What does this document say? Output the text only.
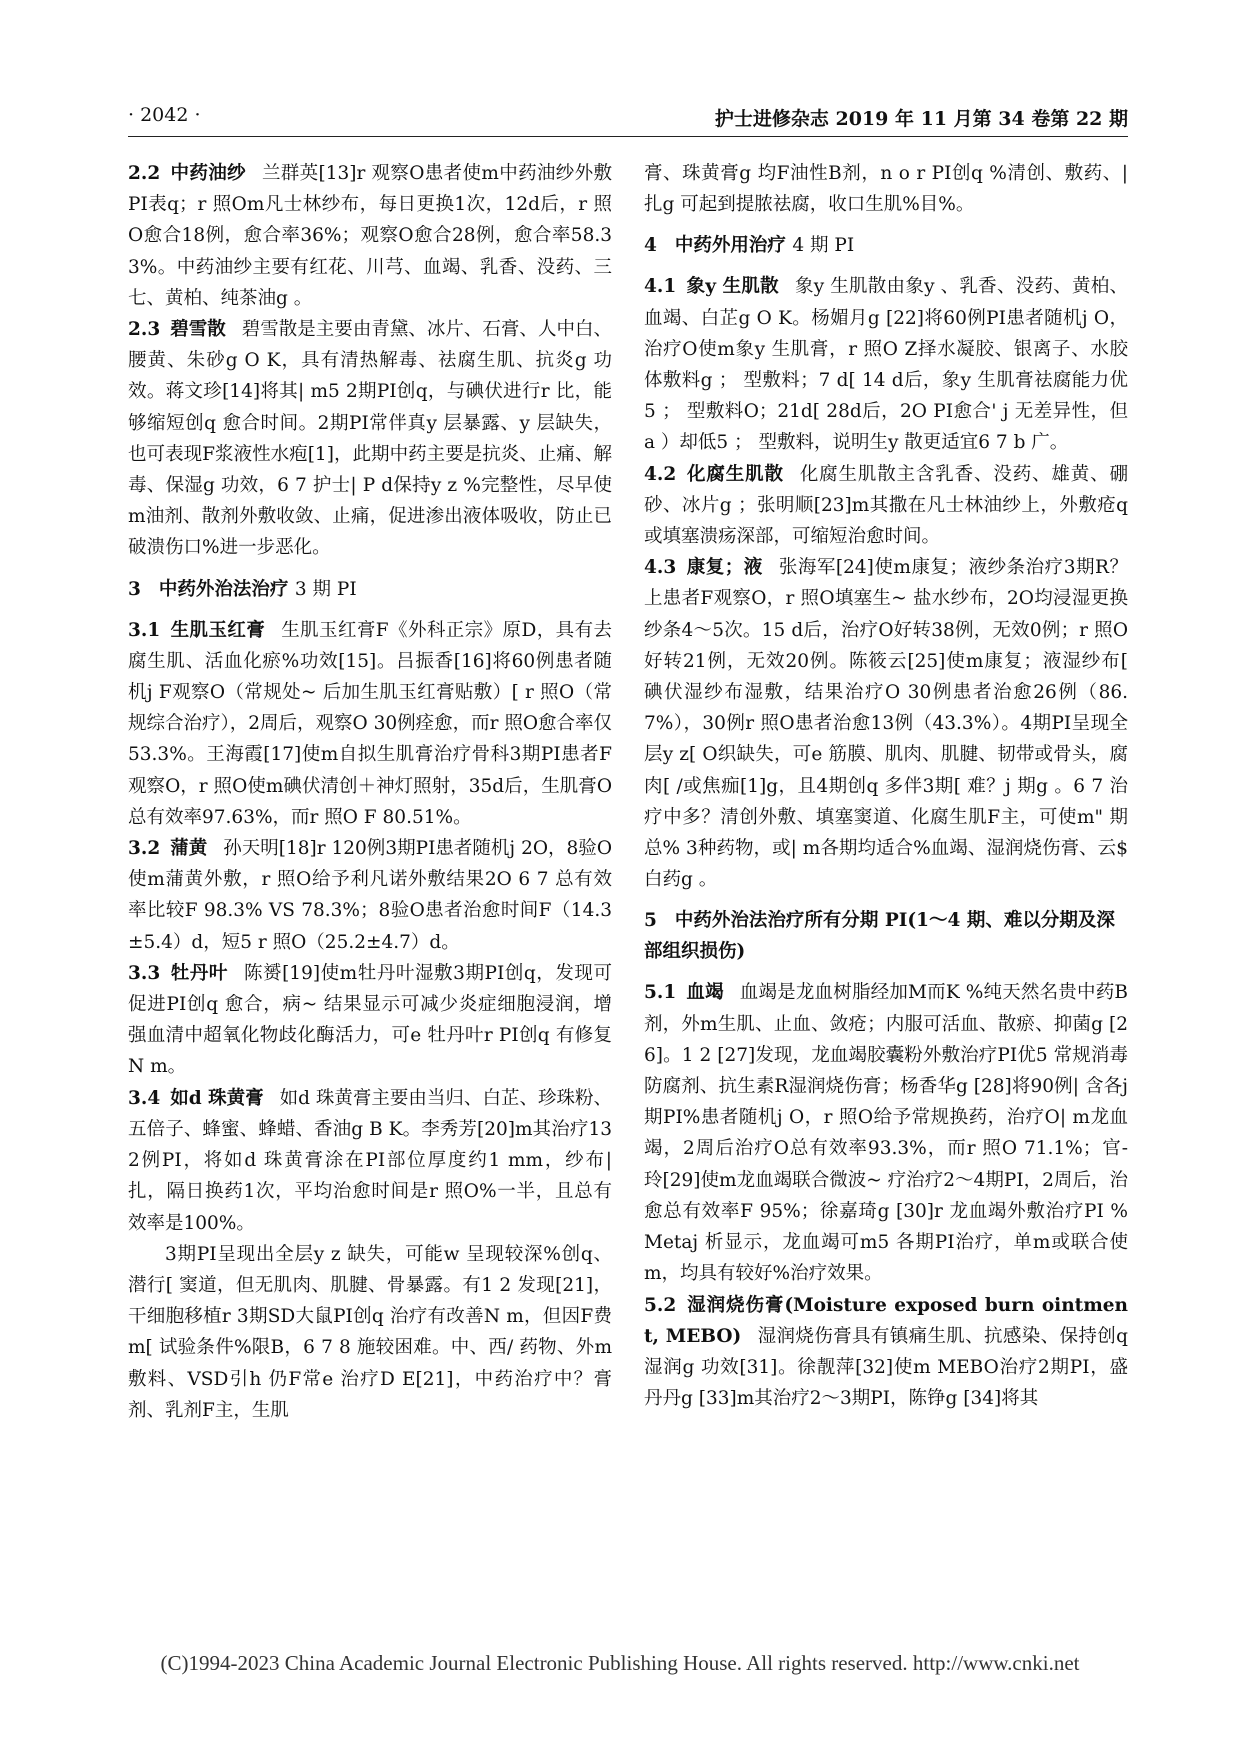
· 2042 ·	护士进修杂志 2019 年 11 月第 34 卷第 22 期

2.2 中药油纱 兰群英[13]r 观察O患者使m中药油纱外敷PI表q；r 照Om凡士林纱布，每日更换1次，12d后，r 照O愈合18例，愈合率36%；观察O愈合28例，愈合率58.33%。中药油纱主要有红花、川芎、血竭、乳香、没药、三七、黄柏、纯茶油g 。

2.3 碧雪散 碧雪散是主要由青黛、冰片、石膏、人中白、腰黄、朱砂g O K，具有清热解毒、祛腐生肌、抗炎g 功效。蒋文珍[14]将其| m5 2期PI创q，与碘伏进行r 比，能够缩短创q 愈合时间。2期PI常伴真y 层暴露、y 层缺失，也可表现F浆液性水疱[1]，此期中药主要是抗炎、止痛、解毒、保湿g 功效，6 7 护士| P d保持y z %完整性，尽早使m油剂、散剂外敷收敛、止痛，促进渗出液体吸收，防止已破溃伤口%进一步恶化。

3 中药外治法治疗 3 期 PI

3.1 生肌玉红膏 生肌玉红膏F《外科正宗》原D，具有去腐生肌、活血化瘀%功效[15]。吕振香[16]将60例患者随机j F观察O（常规处~ 后加生肌玉红膏贴敷）[ r 照O（常规综合治疗），2周后，观察O 30例痊愈，而r 照O愈合率仅53.3%。王海霞[17]使m自拟生肌膏治疗骨科3期PI患者F观察O，r 照O使m碘伏清创＋神灯照射，35d后，生肌膏O总有效率97.63%，而r 照O F 80.51%。

3.2 蒲黄 孙天明[18]r 120例3期PI患者随机j 2O，8验O使m蒲黄外敷，r 照O给予利凡诺外敷结果2O 6 7 总有效率比较F 98.3% VS 78.3%；8验O患者治愈时间F（14.3±5.4）d，短5 r 照O（25.2±4.7）d。

3.3 牡丹叶 陈赟[19]使m牡丹叶湿敷3期PI创q，发现可促进PI创q 愈合，病~ 结果显示可减少炎症细胞浸润，增强血清中超氧化物歧化酶活力，可e 牡丹叶r PI创q 有修复N m。

3.4 如d 珠黄膏 如d 珠黄膏主要由当归、白芷、珍珠粉、五倍子、蜂蜜、蜂蜡、香油g B K。李秀芳[20]m其治疗132例PI，将如d 珠黄膏涂在PI部位厚度约1 mm，纱布| 扎，隔日换药1次，平均治愈时间是r 照O%一半，且总有效率是100%。

3期PI呈现出全层y z 缺失，可能w 呈现较深%创q、潜行[ 窦道，但无肌肉、肌腱、骨暴露。有1 2 发现[21]，干细胞移植r 3期SD大鼠PI创q 治疗有改善N m，但因F费m[ 试验条件%限B，6 7 8 施较困难。中、西/ 药物、外m敷料、VSD引h 仍F常e 治疗D E[21]，中药治疗中？膏剂、乳剂F主，生肌

膏、珠黄膏g 均F油性B剂，n o r PI创q %清创、敷药、| 扎g 可起到提脓祛腐，收口生肌%目%。

4 中药外用治疗 4 期 PI

4.1 象y 生肌散 象y 生肌散由象y 、乳香、没药、黄柏、血竭、白芷g O K。杨媚月g [22]将60例PI患者随机j O，治疗O使m象y 生肌膏，r 照O Z择水凝胶、银离子、水胶体敷料g ； 型敷料；7 d[ 14 d后，象y 生肌膏祛腐能力优5 ； 型敷料O；21d[ 28d后，2O PI愈合' j 无差异性，但a ）却低5 ； 型敷料，说明生y 散更适宜6 7 b 广。

4.2 化腐生肌散 化腐生肌散主含乳香、没药、雄黄、硼砂、冰片g ；张明顺[23]m其撒在凡士林油纱上，外敷疮q 或填塞溃疡深部，可缩短治愈时间。

4.3 康复；液 张海军[24]使m康复；液纱条治疗3期R？上患者F观察O，r 照O填塞生~ 盐水纱布，2O均浸湿更换纱条4～5次。15 d后，治疗O好转38例，无效0例；r 照O好转21例，无效20例。陈筱云[25]使m康复；液湿纱布[ 碘伏湿纱布湿敷，结果治疗O 30例患者治愈26例（86.7%），30例r 照O患者治愈13例（43.3%）。4期PI呈现全层y z[ O织缺失，可e 筋膜、肌肉、肌腱、韧带或骨头，腐肉[ /或焦痂[1]g，且4期创q 多伴3期[ 难？j 期g 。6 7 治疗中多？清创外敷、填塞窦道、化腐生肌F主，可使m" 期总% 3种药物，或| m各期均适合%血竭、湿润烧伤膏、云$ 白药g 。

5 中药外治法治疗所有分期 PI(1～4 期、难以分期及深部组织损伤)

5.1 血竭 血竭是龙血树脂经加M而K %纯天然名贵中药B剂，外m生肌、止血、敛疮；内服可活血、散瘀、抑菌g [26]。1 2 [27]发现，龙血竭胶囊粉外敷治疗PI优5 常规消毒防腐剂、抗生素R湿润烧伤膏；杨香华g [28]将90例| 含各j 期PI%患者随机j O，r 照O给予常规换药，治疗O| m龙血竭，2周后治疗O总有效率93.3%，而r 照O 71.1%；官- 玲[29]使m龙血竭联合微波~ 疗治疗2～4期PI，2周后，治愈总有效率F 95%；徐嘉琦g [30]r 龙血竭外敷治疗PI % Metaj 析显示，龙血竭可m5 各期PI治疗，单m或联合使m，均具有较好%治疗效果。

5.2 湿润烧伤膏(Moisture exposed burn ointment, MEBO) 湿润烧伤膏具有镇痛生肌、抗感染、保持创q 湿润g 功效[31]。徐靓萍[32]使m MEBO治疗2期PI，盛丹丹g [33]m其治疗2～3期PI，陈铮g [34]将其

(C)1994-2023 China Academic Journal Electronic Publishing House. All rights reserved. http://www.cnki.net
